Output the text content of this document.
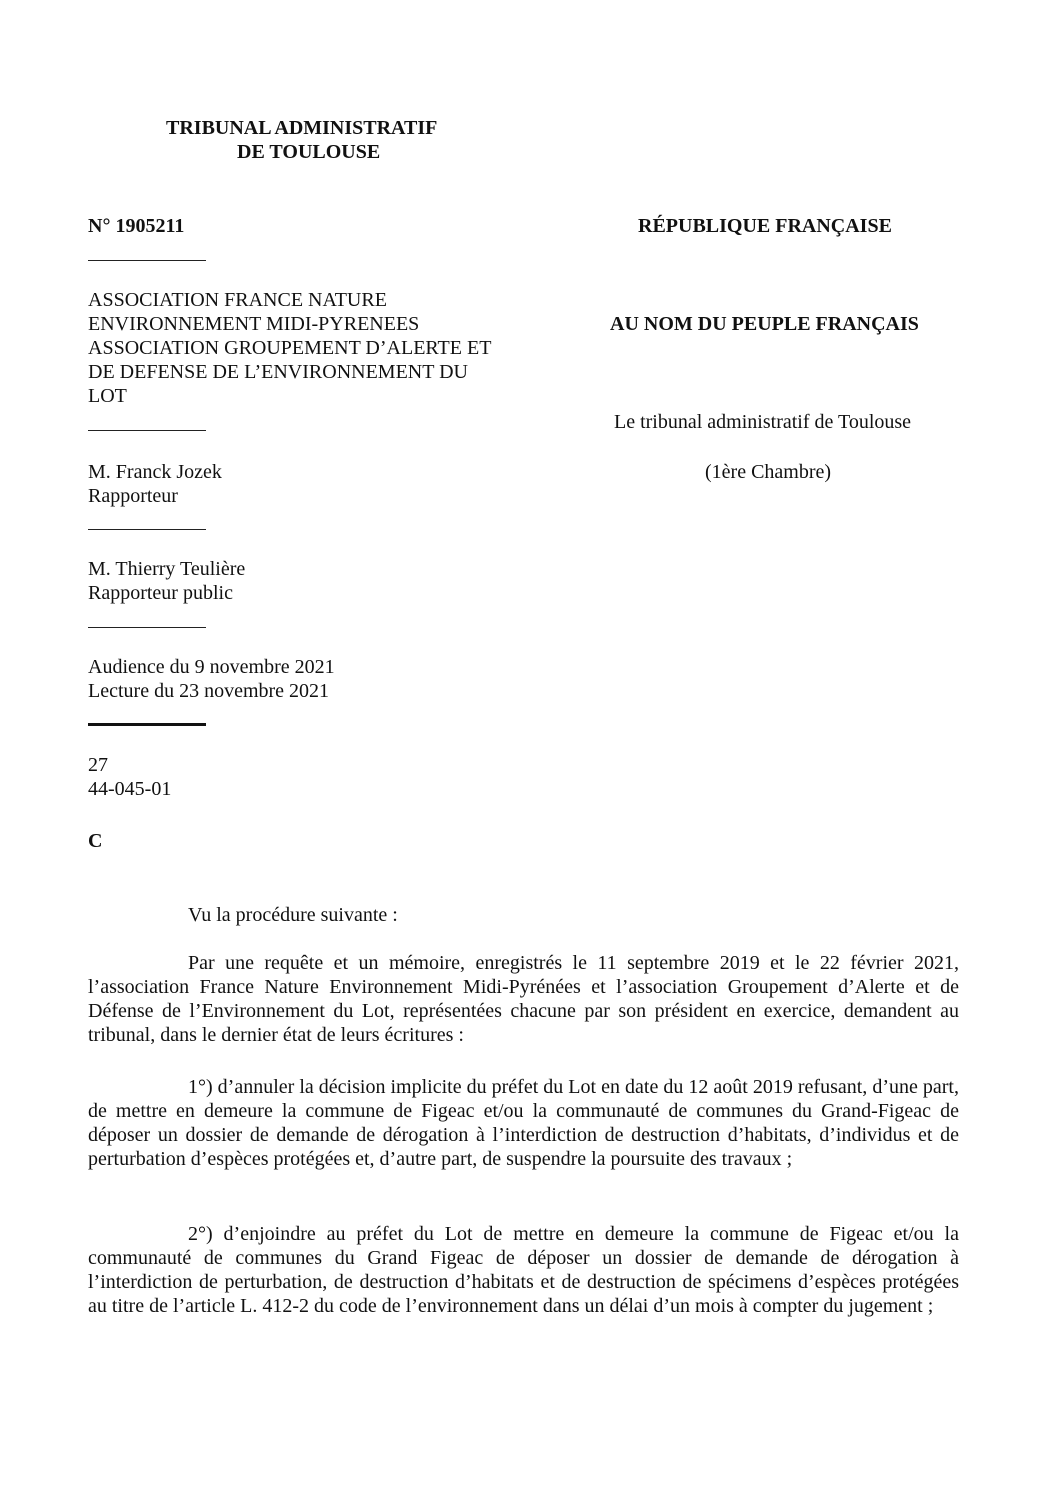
TRIBUNAL ADMINISTRATIF
DE TOULOUSE
N° 1905211	RÉPUBLIQUE FRANÇAISE
ASSOCIATION FRANCE NATURE
ENVIRONNEMENT MIDI-PYRENEES
ASSOCIATION GROUPEMENT D’ALERTE ET
DE DEFENSE DE L’ENVIRONNEMENT DU
LOT
AU NOM DU PEUPLE FRANÇAIS
Le tribunal administratif de Toulouse
M. Franck Jozek
Rapporteur
(1ère Chambre)
M. Thierry Teulière
Rapporteur public
Audience du 9 novembre 2021
Lecture du 23 novembre 2021
27
44-045-01
C
Vu la procédure suivante :

Par une requête et un mémoire, enregistrés le 11 septembre 2019 et le 22 février 2021, l’association France Nature Environnement Midi-Pyrénées et l’association Groupement d’Alerte et de Défense de l’Environnement du Lot, représentées chacune par son président en exercice, demandent au tribunal, dans le dernier état de leurs écritures :

1°) d’annuler la décision implicite du préfet du Lot en date du 12 août 2019 refusant, d’une part, de mettre en demeure la commune de Figeac et/ou la communauté de communes du Grand-Figeac de déposer un dossier de demande de dérogation à l’interdiction de destruction d’habitats, d’individus et de perturbation d’espèces protégées et, d’autre part, de suspendre la poursuite des travaux ;

2°) d’enjoindre au préfet du Lot de mettre en demeure la commune de Figeac et/ou la communauté de communes du Grand Figeac de déposer un dossier de demande de dérogation à l’interdiction de perturbation, de destruction d’habitats et de destruction de spécimens d’espèces protégées au titre de l’article L. 412-2 du code de l’environnement dans un délai d’un mois à compter du jugement ;
